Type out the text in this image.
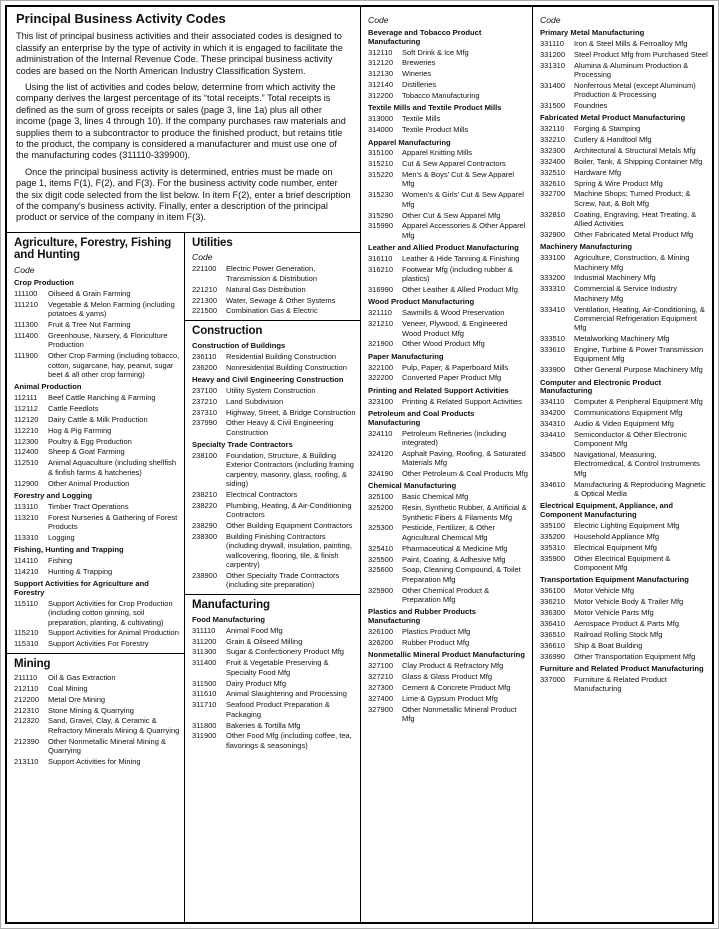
Principal Business Activity Codes

This list of principal business activities and their associated codes is designed to classify an enterprise by the type of activity in which it is engaged to facilitate the administration of the Internal Revenue Code. These principal business activity codes are based on the North American Industry Classification System.

Using the list of activities and codes below, determine from which activity the company derives the largest percentage of its “total receipts.” Total receipts is defined as the sum of gross receipts or sales (page 3, line 1a) plus all other income (page 3, lines 4 through 10). If the company purchases raw materials and supplies them to a subcontractor to produce the finished product, but retains title to the product, the company is considered a manufacturer and must use one of the manufacturing codes (311110-339900).

Once the principal business activity is determined, entries must be made on page 1, items F(1), F(2), and F(3). For the business activity code number, enter the six digit code selected from the list below. In item F(2), enter a brief description of the company's business activity. Finally, enter a description of the principal product or service of the company in item F(3).

Agriculture, Forestry, Fishing and Hunting
Code
Crop Production
111100	Oilseed & Grain Farming
111210	Vegetable & Melon Farming (including potatoes & yams)
111300	Fruit & Tree Nut Farming
111400	Greenhouse, Nursery, & Floriculture Production
111900	Other Crop Farming (including tobacco, cotton, sugarcane, hay, peanut, sugar beet & all other crop farming)
Animal Production
112111	Beef Cattle Ranching & Farming
112112	Cattle Feedlots
112120	Dairy Cattle & Milk Production
112210	Hog & Pig Farming
112300	Poultry & Egg Production
112400	Sheep & Goat Farming
112510	Animal Aquaculture (including shellfish & finfish farms & hatcheries)
112900	Other Animal Production
Forestry and Logging
113110	Timber Tract Operations
113210	Forest Nurseries & Gathering of Forest Products
113310	Logging
Fishing, Hunting and Trapping
114110	Fishing
114210	Hunting & Trapping
Support Activities for Agriculture and Forestry
115110	Support Activities for Crop Production (including cotton ginning, soil preparation, planting, & cultivating)
115210	Support Activities for Animal Production
115310	Support Activities For Forestry
Mining
211110	Oil & Gas Extraction
212110	Coal Mining
212200	Metal Ore Mining
212310	Stone Mining & Quarrying
212320	Sand, Gravel, Clay, & Ceramic & Refractory Minerals Mining & Quarrying
212390	Other Nonmetallic Mineral Mining & Quarrying
213110	Support Activities for Mining
Utilities
Code
221100	Electric Power Generation, Transmission & Distribution
221210	Natural Gas Distribution
221300	Water, Sewage & Other Systems
221500	Combination Gas & Electric
Construction
Construction of Buildings
236110	Residential Building Construction
236200	Nonresidential Building Construction
Heavy and Civil Engineering Construction
237100	Utility System Construction
237210	Land Subdivision
237310	Highway, Street, & Bridge Construction
237990	Other Heavy & Civil Engineering Construction
Specialty Trade Contractors
238100	Foundation, Structure, & Building Exterior Contractors (including framing carpentry, masonry, glass, roofing, & siding)
238210	Electrical Contractors
238220	Plumbing, Heating, & Air-Conditioning Contractors
238290	Other Building Equipment Contractors
238300	Building Finishing Contractors (including drywall, insulation, painting, wallcovering, flooring, tile, & finish carpentry)
238900	Other Specialty Trade Contractors (including site preparation)
Manufacturing
Food Manufacturing
311110	Animal Food Mfg
311200	Grain & Oilseed Milling
311300	Sugar & Confectionery Product Mfg
311400	Fruit & Vegetable Preserving & Specialty Food Mfg
311500	Dairy Product Mfg
311610	Animal Slaughtering and Processing
311710	Seafood Product Preparation & Packaging
311800	Bakeries & Tortilla Mfg
311900	Other Food Mfg (including coffee, tea, flavorings & seasonings)
Code
Beverage and Tobacco Product Manufacturing
312110	Soft Drink & Ice Mfg
312120	Breweries
312130	Wineries
312140	Distilleries
312200	Tobacco Manufacturing
Textile Mills and Textile Product Mills
313000	Textile Mills
314000	Textile Product Mills
Apparel Manufacturing
315100	Apparel Knitting Mills
315210	Cut & Sew Apparel Contractors
315220	Men's & Boys' Cut & Sew Apparel Mfg
315230	Women's & Girls' Cut & Sew Apparel Mfg
315290	Other Cut & Sew Apparel Mfg
315990	Apparel Accessories & Other Apparel Mfg
Leather and Allied Product Manufacturing
316110	Leather & Hide Tanning & Finishing
316210	Footwear Mfg (including rubber & plastics)
316990	Other Leather & Allied Product Mfg
Wood Product Manufacturing
321110	Sawmills & Wood Preservation
321210	Veneer, Plywood, & Engineered Wood Product Mfg
321900	Other Wood Product Mfg
Paper Manufacturing
322100	Pulp, Paper, & Paperboard Mills
322200	Converted Paper Product Mfg
Printing and Related Support Activities
323100	Printing & Related Support Activities
Petroleum and Coal Products Manufacturing
324110	Petroleum Refineries (including integrated)
324120	Asphalt Paving, Roofing, & Saturated Materials Mfg
324190	Other Petroleum & Coal Products Mfg
Chemical Manufacturing
325100	Basic Chemical Mfg
325200	Resin, Synthetic Rubber, & Artificial & Synthetic Fibers & Filaments Mfg
325300	Pesticide, Fertilizer, & Other Agricultural Chemical Mfg
325410	Pharmaceutical & Medicine Mfg
325500	Paint, Coating, & Adhesive Mfg
325600	Soap, Cleaning Compound, & Toilet Preparation Mfg
325900	Other Chemical Product & Preparation Mfg
Plastics and Rubber Products Manufacturing
326100	Plastics Product Mfg
326200	Rubber Product Mfg
Nonmetallic Mineral Product Manufacturing
327100	Clay Product & Refractory Mfg
327210	Glass & Glass Product Mfg
327300	Cement & Concrete Product Mfg
327400	Lime & Gypsum Product Mfg
327900	Other Nonmetallic Mineral Product Mfg
Code
Primary Metal Manufacturing
331110	Iron & Steel Mills & Ferroalloy Mfg
331200	Steel Product Mfg from Purchased Steel
331310	Alumina & Aluminum Production & Processing
331400	Nonferrous Metal (except Aluminum) Production & Processing
331500	Foundries
Fabricated Metal Product Manufacturing
332110	Forging & Stamping
332210	Cutlery & Handtool Mfg
332300	Architectural & Structural Metals Mfg
332400	Boiler, Tank, & Shipping Container Mfg
332510	Hardware Mfg
332610	Spring & Wire Product Mfg
332700	Machine Shops; Turned Product; & Screw, Nut, & Bolt Mfg
332810	Coating, Engraving, Heat Treating, & Allied Activities
332900	Other Fabricated Metal Product Mfg
Machinery Manufacturing
333100	Agriculture, Construction, & Mining Machinery Mfg
333200	Industrial Machinery Mfg
333310	Commercial & Service Industry Machinery Mfg
333410	Ventilation, Heating, Air-Conditioning, & Commercial Refrigeration Equipment Mfg
333510	Metalworking Machinery Mfg
333610	Engine, Turbine & Power Transmission Equipment Mfg
333900	Other General Purpose Machinery Mfg
Computer and Electronic Product Manufacturing
334110	Computer & Peripheral Equipment Mfg
334200	Communications Equipment Mfg
334310	Audio & Video Equipment Mfg
334410	Semiconductor & Other Electronic Component Mfg
334500	Navigational, Measuring, Electromedical, & Control Instruments Mfg
334610	Manufacturing & Reproducing Magnetic & Optical Media
Electrical Equipment, Appliance, and Component Manufacturing
335100	Electric Lighting Equipment Mfg
335200	Household Appliance Mfg
335310	Electrical Equipment Mfg
335900	Other Electrical Equipment & Component Mfg
Transportation Equipment Manufacturing
336100	Motor Vehicle Mfg
336210	Motor Vehicle Body & Trailer Mfg
336300	Motor Vehicle Parts Mfg
336410	Aerospace Product & Parts Mfg
336510	Railroad Rolling Stock Mfg
336610	Ship & Boat Building
336990	Other Transportation Equipment Mfg
Furniture and Related Product Manufacturing
337000	Furniture & Related Product Manufacturing
